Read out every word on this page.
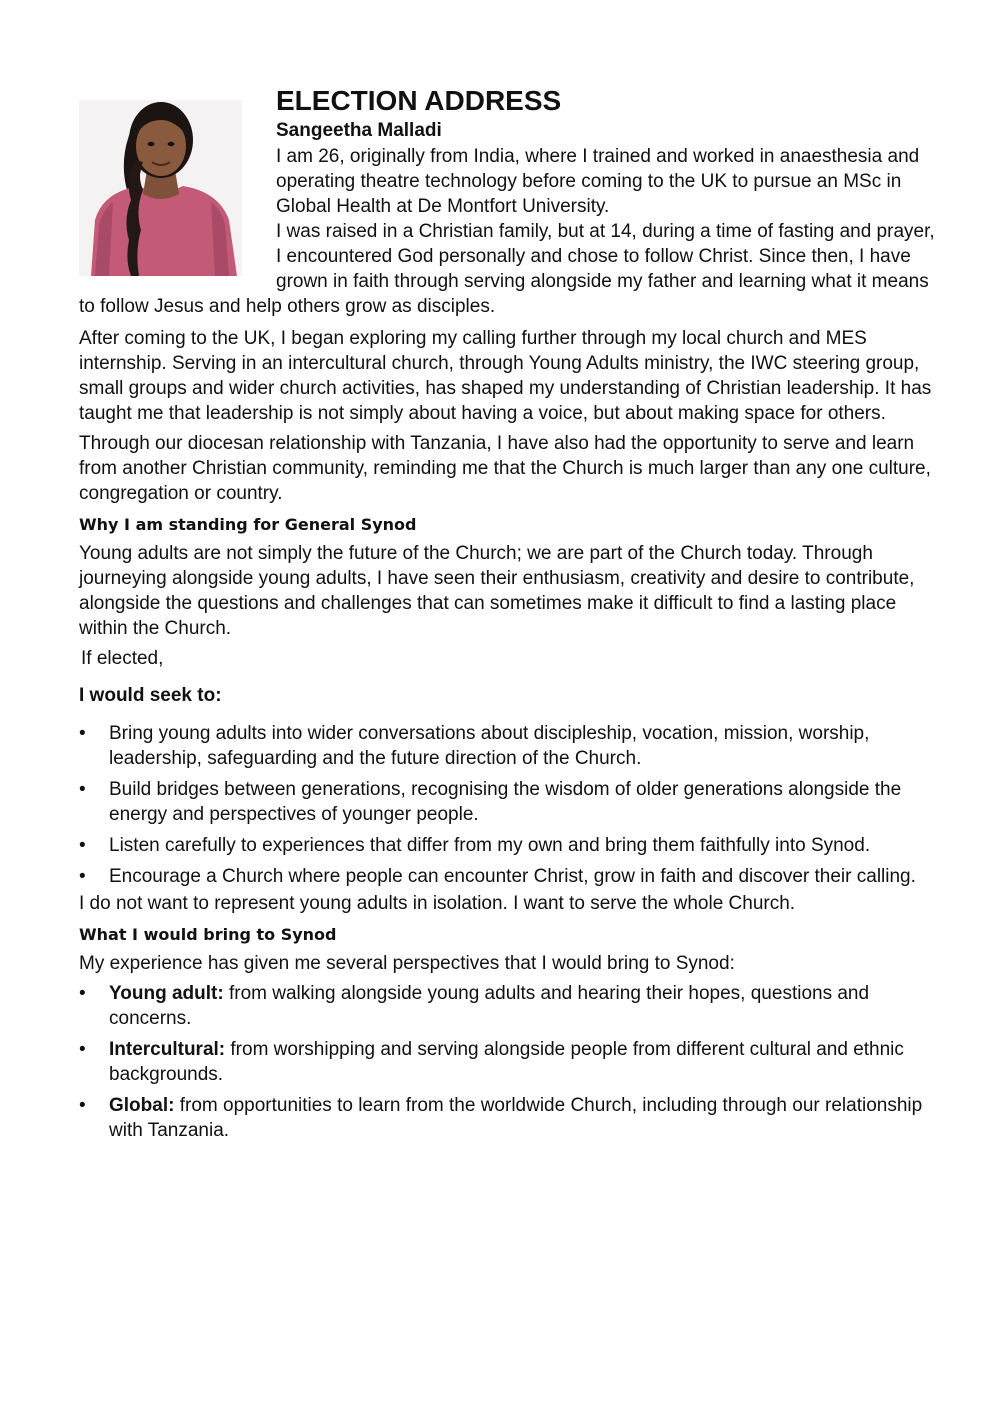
ELECTION ADDRESS

Sangeetha Malladi

I am 26, originally from India, where I trained and worked in anaesthesia and operating theatre technology before coming to the UK to pursue an MSc in Global Health at De Montfort University.

I was raised in a Christian family, but at 14, during a time of fasting and prayer, I encountered God personally and chose to follow Christ. Since then, I have grown in faith through serving alongside my father and learning what it means to follow Jesus and help others grow as disciples.

After coming to the UK, I began exploring my calling further through my local church and MES internship. Serving in an intercultural church, through Young Adults ministry, the IWC steering group, small groups and wider church activities, has shaped my understanding of Christian leadership. It has taught me that leadership is not simply about having a voice, but about making space for others.

Through our diocesan relationship with Tanzania, I have also had the opportunity to serve and learn from another Christian community, reminding me that the Church is much larger than any one culture, congregation or country.

Why I am standing for General Synod

Young adults are not simply the future of the Church; we are part of the Church today. Through journeying alongside young adults, I have seen their enthusiasm, creativity and desire to contribute, alongside the questions and challenges that can sometimes make it difficult to find a lasting place within the Church.

If elected,

I would seek to:
• Bring young adults into wider conversations about discipleship, vocation, mission, worship, leadership, safeguarding and the future direction of the Church.
• Build bridges between generations, recognising the wisdom of older generations alongside the energy and perspectives of younger people.
• Listen carefully to experiences that differ from my own and bring them faithfully into Synod.
• Encourage a Church where people can encounter Christ, grow in faith and discover their calling.

I do not want to represent young adults in isolation. I want to serve the whole Church.

What I would bring to Synod

My experience has given me several perspectives that I would bring to Synod:

• Young adult: from walking alongside young adults and hearing their hopes, questions and concerns.
• Intercultural: from worshipping and serving alongside people from different cultural and ethnic backgrounds.
• Global: from opportunities to learn from the worldwide Church, including through our relationship with Tanzania.
